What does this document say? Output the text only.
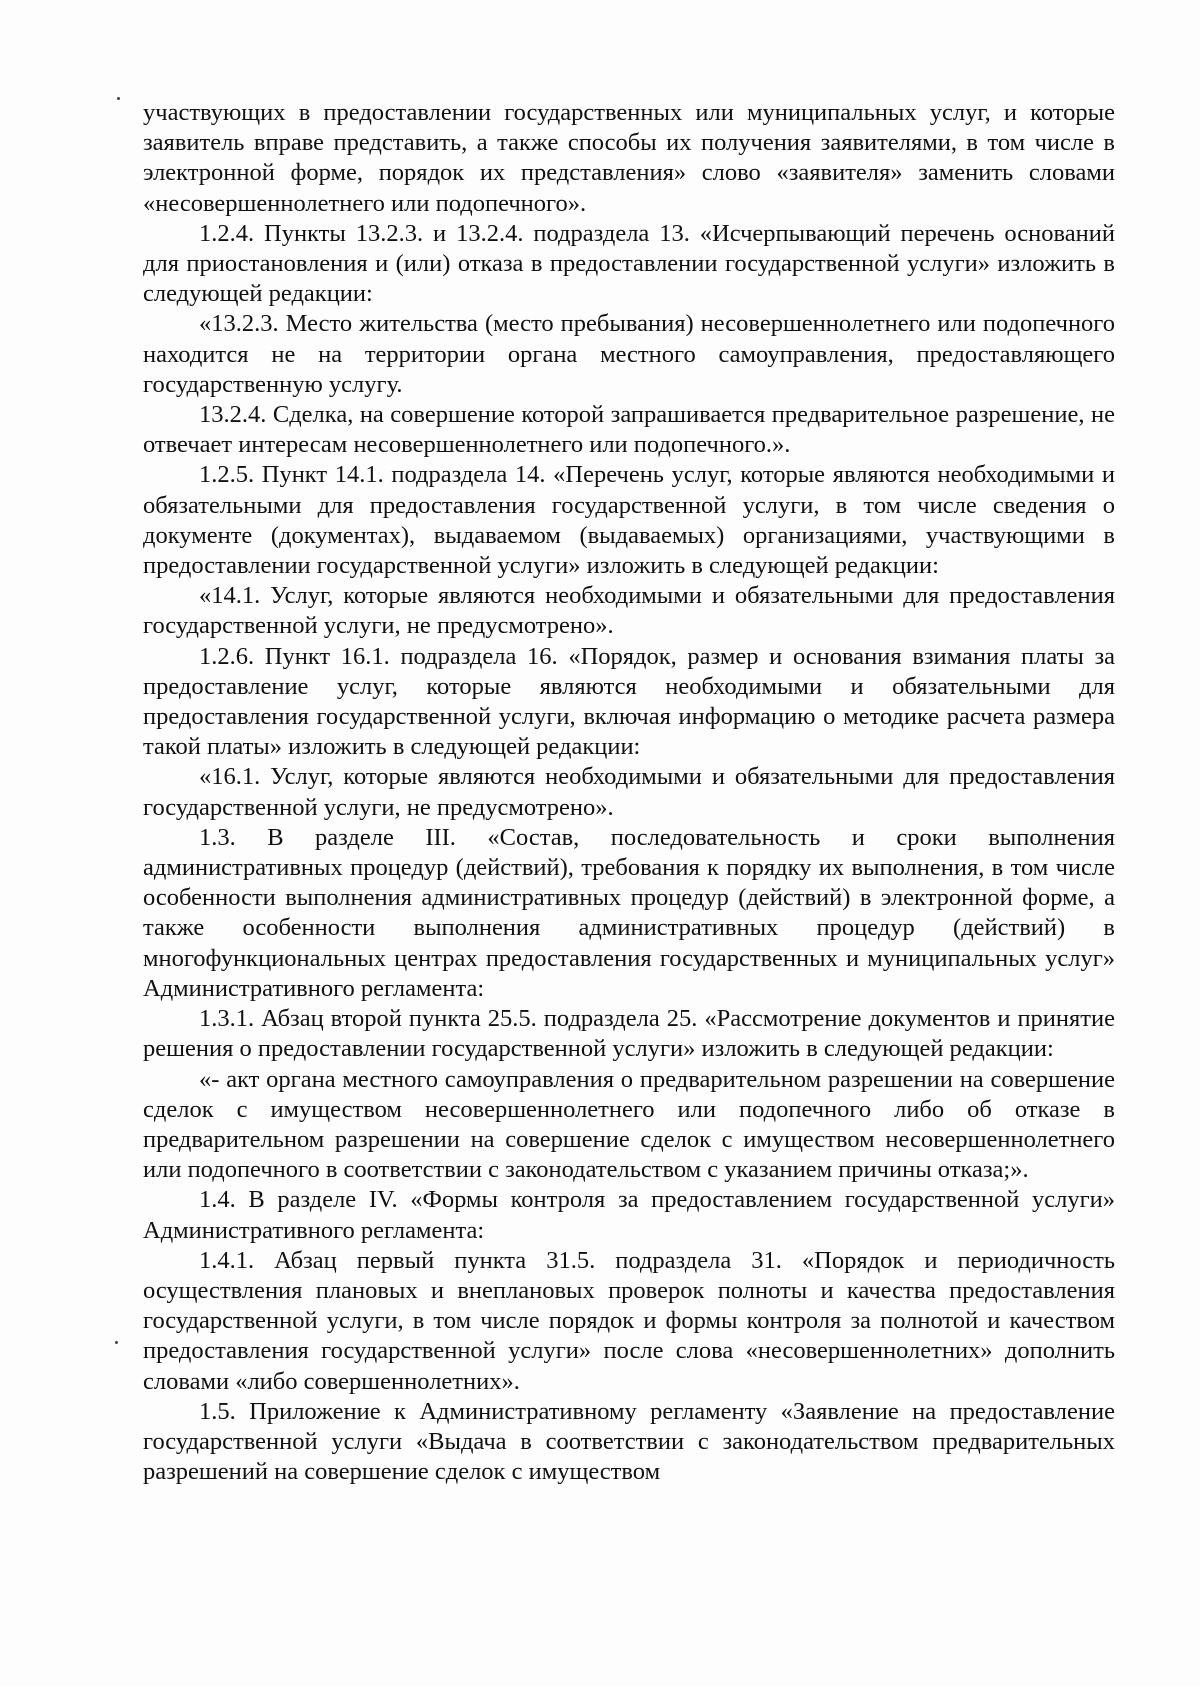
участвующих в предоставлении государственных или муниципальных услуг, и которые заявитель вправе представить, а также способы их получения заявителями, в том числе в электронной форме, порядок их представления» слово «заявителя» заменить словами «несовершеннолетнего или подопечного».

1.2.4. Пункты 13.2.3. и 13.2.4. подраздела 13. «Исчерпывающий перечень оснований для приостановления и (или) отказа в предоставлении государственной услуги» изложить в следующей редакции:

«13.2.3. Место жительства (место пребывания) несовершеннолетнего или подопечного находится не на территории органа местного самоуправления, предоставляющего государственную услугу.

13.2.4. Сделка, на совершение которой запрашивается предварительное разрешение, не отвечает интересам несовершеннолетнего или подопечного.».

1.2.5. Пункт 14.1. подраздела 14. «Перечень услуг, которые являются необходимыми и обязательными для предоставления государственной услуги, в том числе сведения о документе (документах), выдаваемом (выдаваемых) организациями, участвующими в предоставлении государственной услуги» изложить в следующей редакции:

«14.1. Услуг, которые являются необходимыми и обязательными для предоставления государственной услуги, не предусмотрено».

1.2.6. Пункт 16.1. подраздела 16. «Порядок, размер и основания взимания платы за предоставление услуг, которые являются необходимыми и обязательными для предоставления государственной услуги, включая информацию о методике расчета размера такой платы» изложить в следующей редакции:

«16.1. Услуг, которые являются необходимыми и обязательными для предоставления государственной услуги, не предусмотрено».

1.3. В разделе III. «Состав, последовательность и сроки выполнения административных процедур (действий), требования к порядку их выполнения, в том числе особенности выполнения административных процедур (действий) в электронной форме, а также особенности выполнения административных процедур (действий) в многофункциональных центрах предоставления государственных и муниципальных услуг» Административного регламента:

1.3.1. Абзац второй пункта 25.5. подраздела 25. «Рассмотрение документов и принятие решения о предоставлении государственной услуги» изложить в следующей редакции:

«- акт органа местного самоуправления о предварительном разрешении на совершение сделок с имуществом несовершеннолетнего или подопечного либо об отказе в предварительном разрешении на совершение сделок с имуществом несовершеннолетнего или подопечного в соответствии с законодательством с указанием причины отказа;».

1.4. В разделе IV. «Формы контроля за предоставлением государственной услуги» Административного регламента:

1.4.1. Абзац первый пункта 31.5. подраздела 31. «Порядок и периодичность осуществления плановых и внеплановых проверок полноты и качества предоставления государственной услуги, в том числе порядок и формы контроля за полнотой и качеством предоставления государственной услуги» после слова «несовершеннолетних» дополнить словами «либо совершеннолетних».

1.5. Приложение к Административному регламенту «Заявление на предоставление государственной услуги «Выдача в соответствии с законодательством предварительных разрешений на совершение сделок с имуществом
